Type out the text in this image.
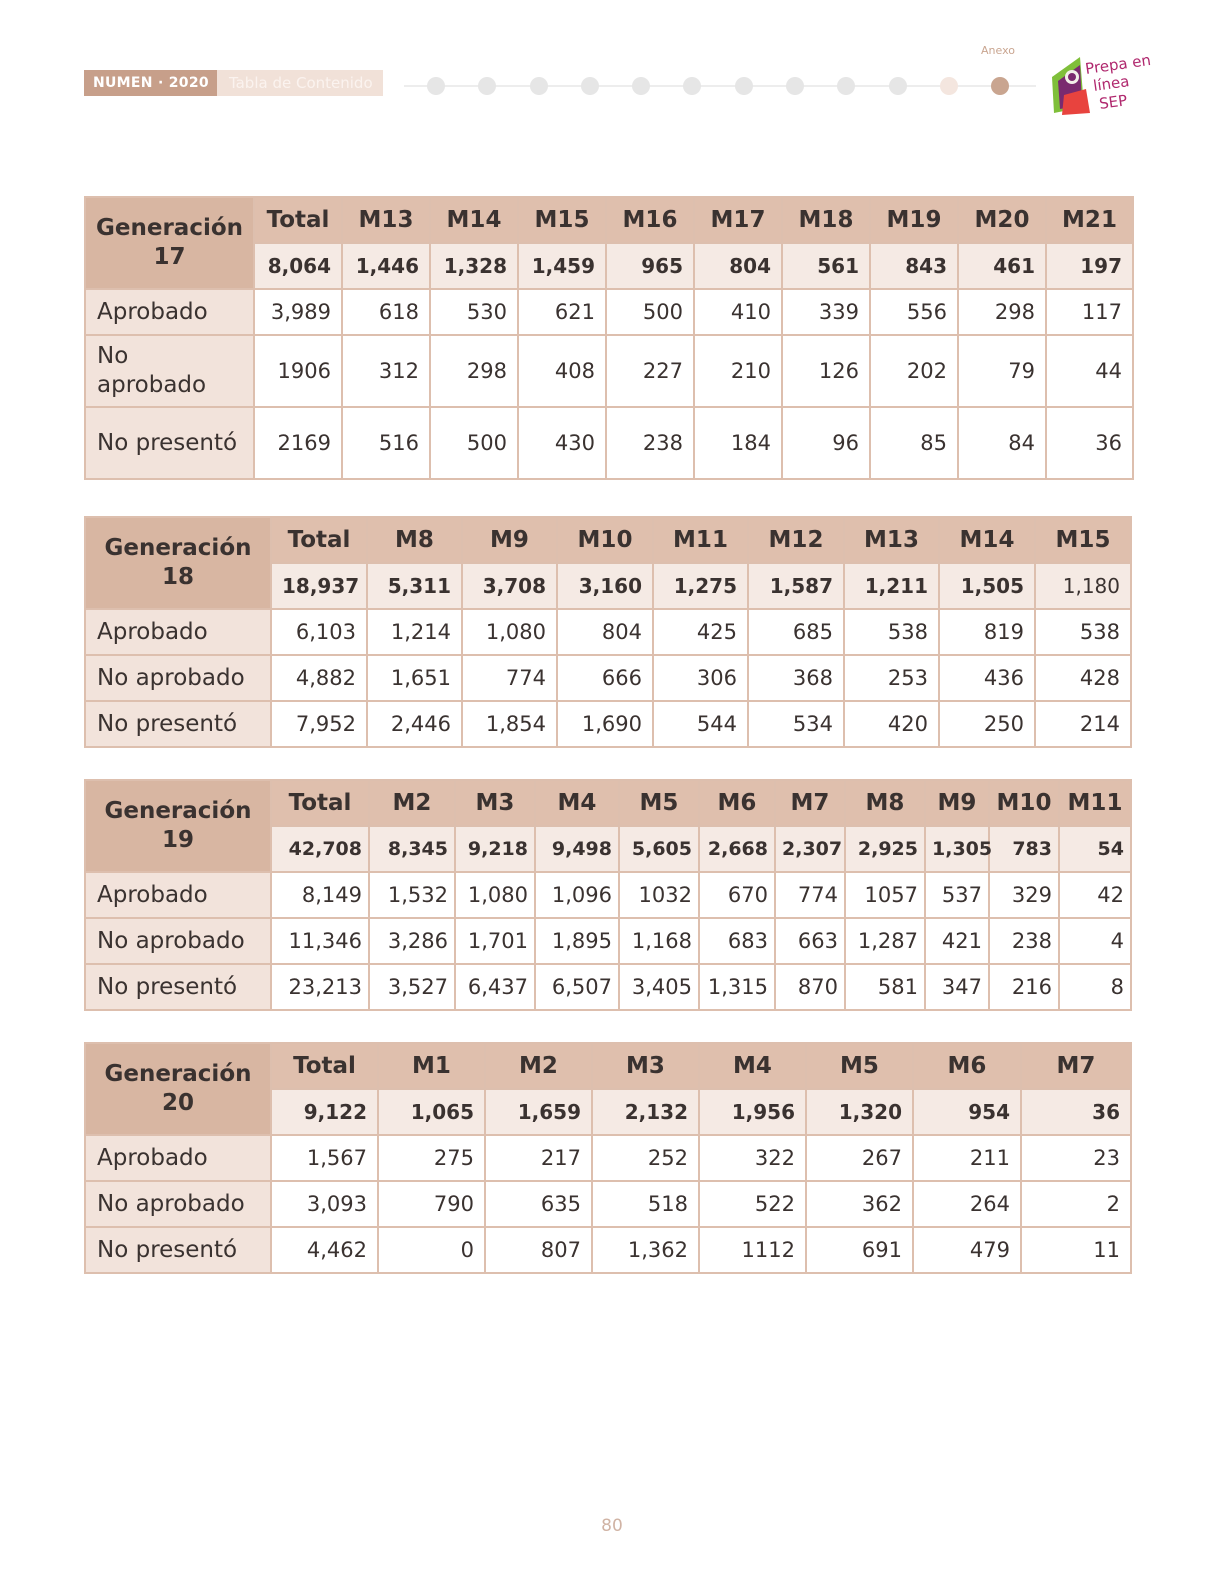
NUMEN · 2020	Tabla de Contenido
Anexo
Prepa en
línea
SEP
Generación 17	Total	M13	M14	M15	M16	M17	M18	M19	M20	M21
	8,064	1,446	1,328	1,459	965	804	561	843	461	197
Aprobado	3,989	618	530	621	500	410	339	556	298	117
No aprobado	1906	312	298	408	227	210	126	202	79	44
No presentó	2169	516	500	430	238	184	96	85	84	36
Generación 18	Total	M8	M9	M10	M11	M12	M13	M14	M15
	18,937	5,311	3,708	3,160	1,275	1,587	1,211	1,505	1,180
Aprobado	6,103	1,214	1,080	804	425	685	538	819	538
No aprobado	4,882	1,651	774	666	306	368	253	436	428
No presentó	7,952	2,446	1,854	1,690	544	534	420	250	214
Generación 19	Total	M2	M3	M4	M5	M6	M7	M8	M9	M10	M11
	42,708	8,345	9,218	9,498	5,605	2,668	2,307	2,925	1,305	783	54
Aprobado	8,149	1,532	1,080	1,096	1032	670	774	1057	537	329	42
No aprobado	11,346	3,286	1,701	1,895	1,168	683	663	1,287	421	238	4
No presentó	23,213	3,527	6,437	6,507	3,405	1,315	870	581	347	216	8
Generación 20	Total	M1	M2	M3	M4	M5	M6	M7
	9,122	1,065	1,659	2,132	1,956	1,320	954	36
Aprobado	1,567	275	217	252	322	267	211	23
No aprobado	3,093	790	635	518	522	362	264	2
No presentó	4,462	0	807	1,362	1112	691	479	11
80
